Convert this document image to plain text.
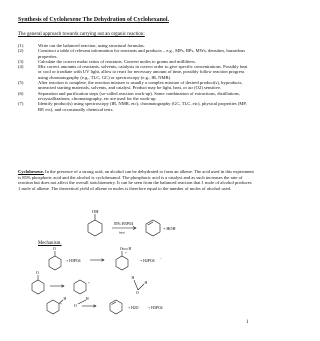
Synthesis of Cyclohexene The Dehydration of Cyclohexanol.
The general approach towards carrying out an organic reaction:
(1)	Write out the balanced reaction, using structural formulas.
(2)	Construct a table of relevant information for reactants and products – e.g., MPs, BPs, MWs, densities, hazardous properties.
(3)	Calculate the correct molar ratios of reactants. Convert moles to grams and milliliters.
(4)	Mix correct amounts of reactants, solvents, catalysts in correct order to give specific concentrations. Possibly heat or cool or irradiate with UV light, allow to react for necessary amount of time, possibly follow reaction progress using chromatography (e.g., TLC, GC) or spectroscopy (e.g., IR, NMR).
(5)	After reaction is complete, the reaction mixture is usually a complex mixture of desired product(s), byproducts, unreacted starting materials, solvents, and catalyst. Product may be light, heat, or air (O2) sensitive.
(6)	Separation and purification steps (so-called reaction work-up). Some combination of extractions, distillations, recrystallizations, chromatography, etc are used for the work-up.
(7)	Identify product(s) using spectroscopy (IR, NMR, etc), chromatography (GC, TLC, etc), physical properties (MP, BP, etc), and occasionally chemical tests.
Cyclohexene. In the presence of a strong acid, an alcohol can be dehydrated to form an alkene. The acid used in this experiment is 85% phosphoric acid and the alcohol is cyclohexanol. The phosphoric acid is a catalyst and as such increases the rate of reaction but does not affect the overall stoichiometry. It can be seen from the balanced reaction that 1 mole of alcohol produces 1 mole of alkene. The theoretical yield of alkene in moles is therefore equal to the number of moles of alcohol used.
OH
85% H3PO4
heat
+ HOH
Mechanism.
O
+ H3PO4
O H
+
+ H2PO4
–
O
+
H
O
H
H
+	O
H
+ H2O	+ H3PO4
1
